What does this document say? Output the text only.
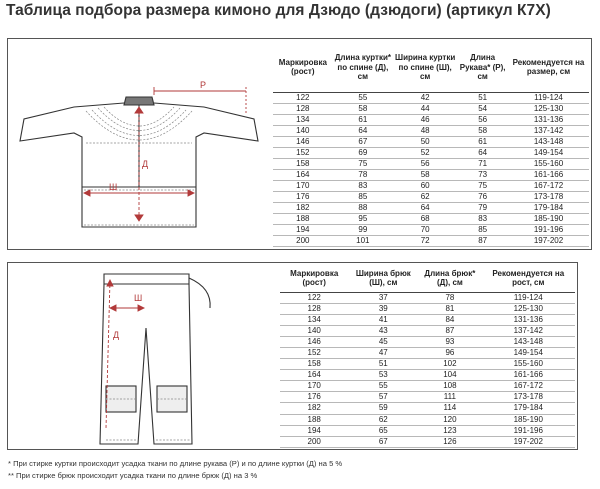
Таблица подбора размера кимоно для Дзюдо (дзюдоги) (артикул К7Х)
Р
Д
Ш
Маркировка (рост)	Длина куртки* по спине (Д), см	Ширина куртки по спине (Ш), см	Длина Рукава* (Р), см	Рекомендуется на размер, см
122	55	42	51	119-124
128	58	44	54	125-130
134	61	46	56	131-136
140	64	48	58	137-142
146	67	50	61	143-148
152	69	52	64	149-154
158	75	56	71	155-160
164	78	58	73	161-166
170	83	60	75	167-172
176	85	62	76	173-178
182	88	64	79	179-184
188	95	68	83	185-190
194	99	70	85	191-196
200	101	72	87	197-202
Ш
Д
Маркировка (рост)	Ширина брюк (Ш), см	Длина брюк* (Д), см	Рекомендуется на рост, см
122	37	78	119-124
128	39	81	125-130
134	41	84	131-136
140	43	87	137-142
146	45	93	143-148
152	47	96	149-154
158	51	102	155-160
164	53	104	161-166
170	55	108	167-172
176	57	111	173-178
182	59	114	179-184
188	62	120	185-190
194	65	123	191-196
200	67	126	197-202
* При стирке куртки происходит усадка ткани по длине рукава (Р) и по длине куртки (Д) на 5 %
** При стирке брюк происходит усадка ткани по длине брюк (Д) на 3 %
